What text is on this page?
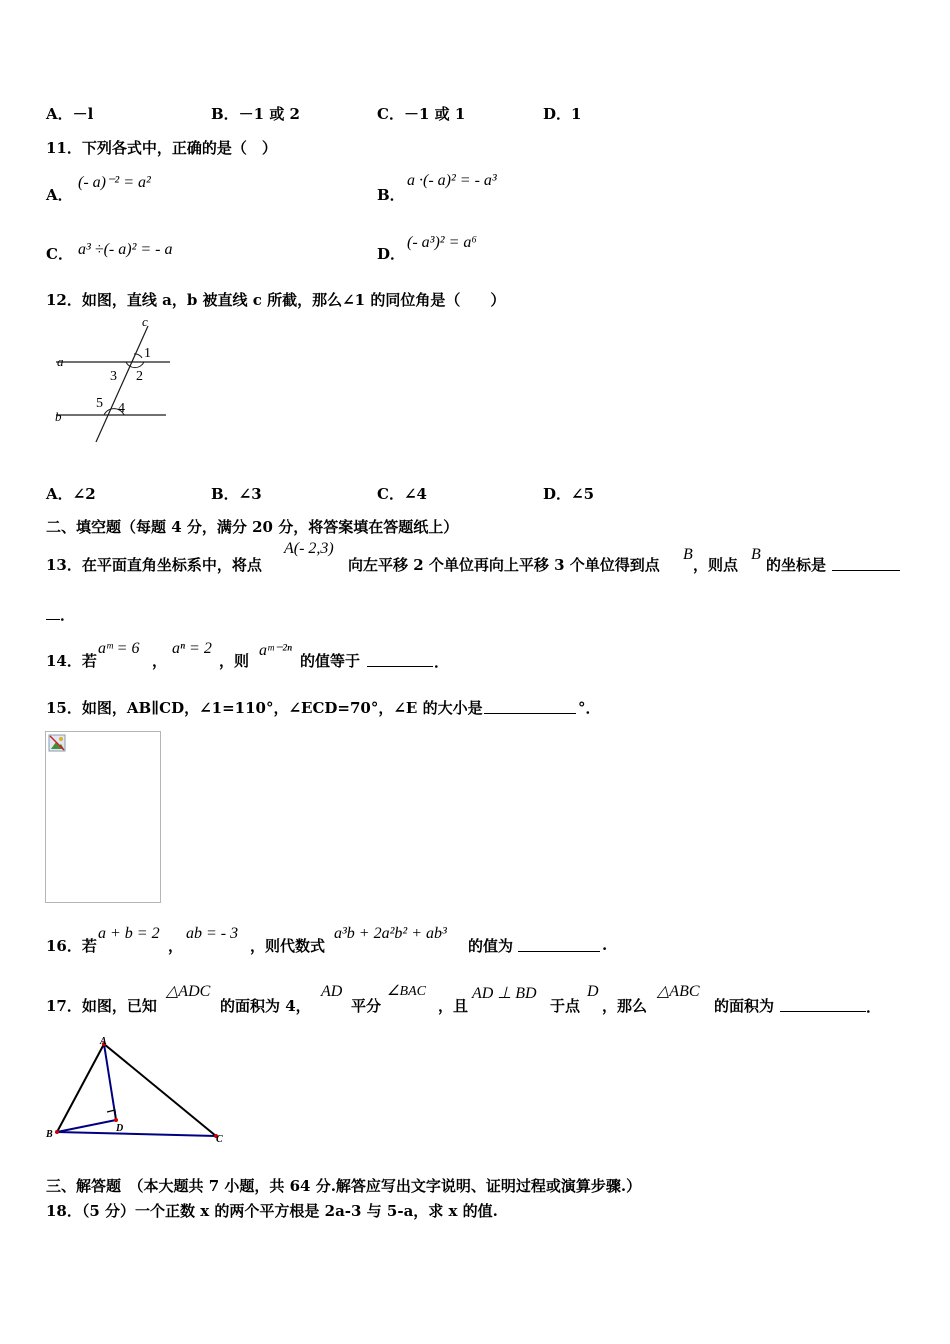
A．－l	B．－1 或 2	C．－1 或 1	D．1
11．下列各式中，正确的是（　）
A．
(- a)⁻² = a²
B．
a ·(- a)² = - a³
C． a³ ÷(- a)² = - a	D．
(- a³)² = a⁶
12．如图，直线 a，b 被直线 c 所截，那么∠1 的同位角是（　　）
c
a
b
1
2
3
4
5
A．∠2	B．∠3	C．∠4	D．∠5
二、填空题（每题 4 分，满分 20 分，将答案填在答题纸上）
13．在平面直角坐标系中，将点
A(- 2,3)
向左平移 2 个单位再向上平移 3 个单位得到点
B
，则点
B
的坐标是
．
14．若
aᵐ = 6
，
aⁿ = 2
，则
aᵐ⁻²ⁿ
的值等于	．
15．如图，AB∥CD，∠1=110°，∠ECD=70°，∠E 的大小是	°．
16．若
a + b = 2
，
ab = - 3
，则代数式
a³b + 2a²b² + ab³
的值为	.
17．如图，已知
△ADC
的面积为 4，
AD
平分
∠BAC
，且
AD ⊥ BD
于点
D
，那么
△ABC
的面积为	．
A
B	C
D
三、解答题　（本大题共 7 小题，共 64 分.解答应写出文字说明、证明过程或演算步骤.）
18．（5 分）一个正数 x 的两个平方根是 2a-3 与 5-a，求 x 的值.
